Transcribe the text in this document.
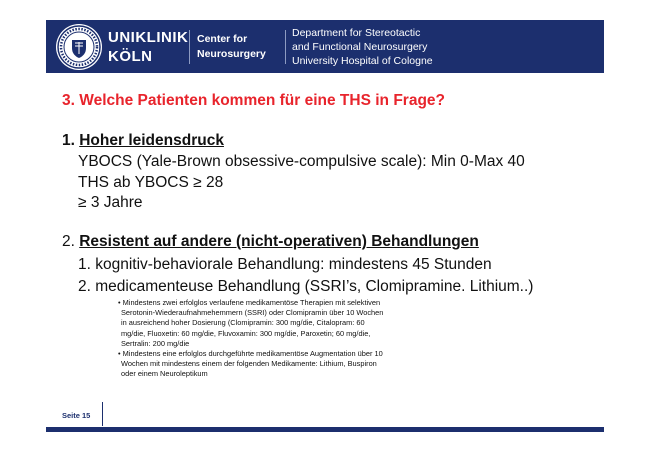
UNIKLINIK
KÖLN
Center for
Neurosurgery
Department for Stereotactic
and Functional Neurosurgery
University Hospital of Cologne
3. Welche Patienten kommen für eine THS in Frage?
1. Hoher leidensdruck
YBOCS (Yale-Brown obsessive-compulsive scale): Min 0-Max 40
THS ab YBOCS ≥ 28
≥ 3 Jahre
2. Resistent auf andere (nicht-operativen) Behandlungen
1. kognitiv-behaviorale Behandlung: mindestens 45 Stunden
2. medicamenteuse Behandlung (SSRI’s, Clomipramine. Lithium..)
• Mindestens zwei erfolglos verlaufene medikamentöse Therapien mit selektiven
Serotonin-Wiederaufnahmehemmern (SSRI) oder Clomipramin über 10 Wochen
in ausreichend hoher Dosierung (Clomipramin: 300 mg/die, Citalopram: 60
mg/die, Fluoxetin: 60 mg/die, Fluvoxamin: 300 mg/die, Paroxetin; 60 mg/die,
Sertralin: 200 mg/die
• Mindestens eine erfolglos durchgeführte medikamentöse Augmentation über 10
Wochen mit mindestens einem der folgenden Medikamente: Lithium, Buspiron
oder einem Neuroleptikum
Seite 15
